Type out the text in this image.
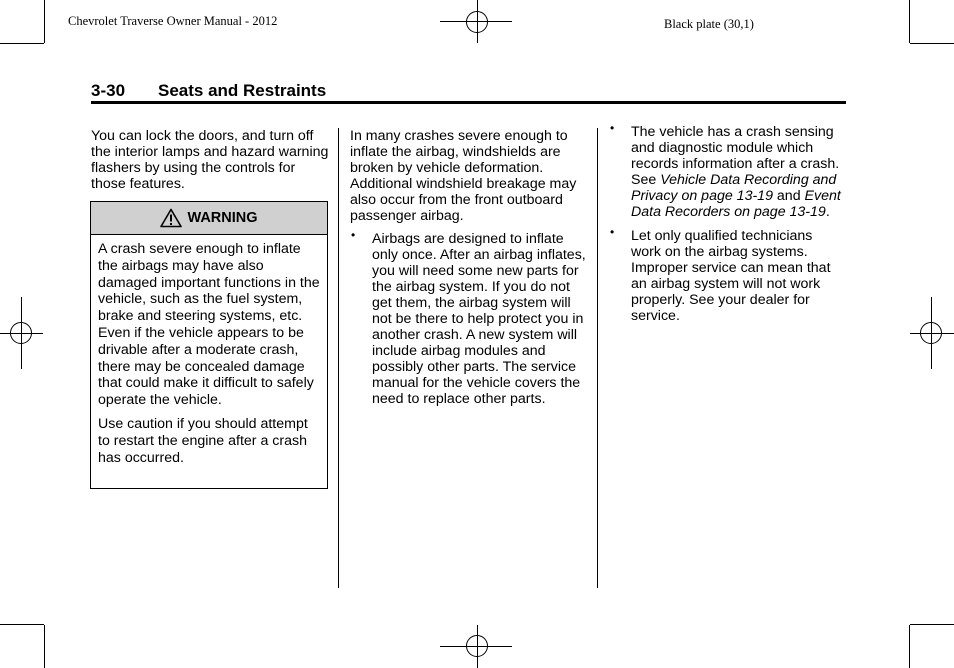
Chevrolet Traverse Owner Manual - 2012	Black plate (30,1)
3-30 Seats and Restraints

You can lock the doors, and turn off the interior lamps and hazard warning flashers by using the controls for those features.

WARNING

A crash severe enough to inflate the airbags may have also damaged important functions in the vehicle, such as the fuel system, brake and steering systems, etc. Even if the vehicle appears to be drivable after a moderate crash, there may be concealed damage that could make it difficult to safely operate the vehicle.

Use caution if you should attempt to restart the engine after a crash has occurred.

In many crashes severe enough to inflate the airbag, windshields are broken by vehicle deformation. Additional windshield breakage may also occur from the front outboard passenger airbag.

• Airbags are designed to inflate only once. After an airbag inflates, you will need some new parts for the airbag system. If you do not get them, the airbag system will not be there to help protect you in another crash. A new system will include airbag modules and possibly other parts. The service manual for the vehicle covers the need to replace other parts.
• The vehicle has a crash sensing and diagnostic module which records information after a crash. See Vehicle Data Recording and Privacy on page 13-19 and Event Data Recorders on page 13-19.
• Let only qualified technicians work on the airbag systems. Improper service can mean that an airbag system will not work properly. See your dealer for service.
